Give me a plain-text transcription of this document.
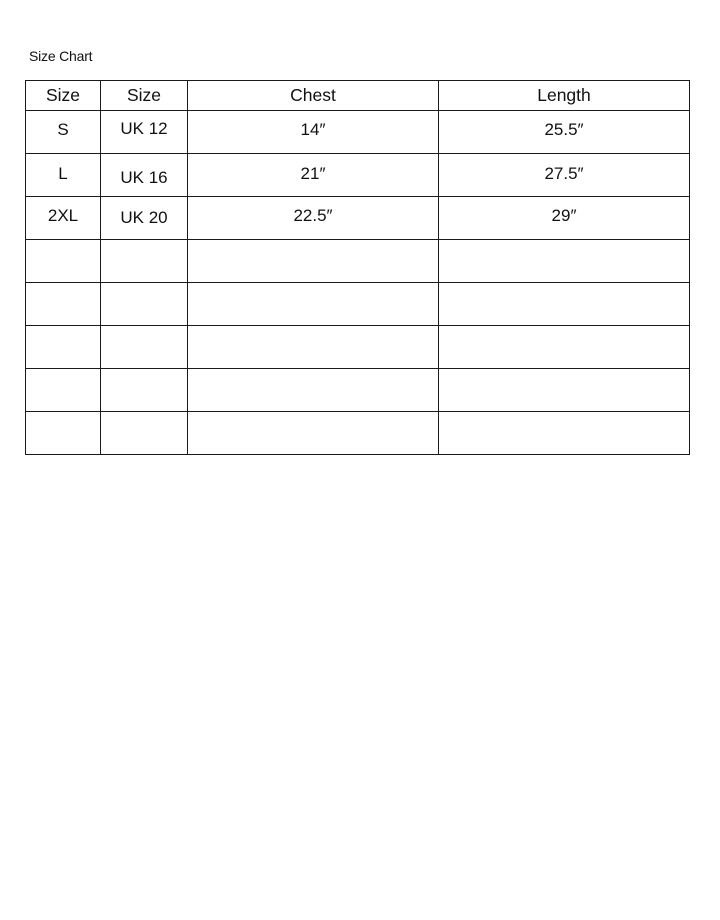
Size Chart
Size	Size	Chest	Length
S	UK 12	14″	25.5″
L	UK 16	21″	27.5″
2XL	UK 20	22.5″	29″
